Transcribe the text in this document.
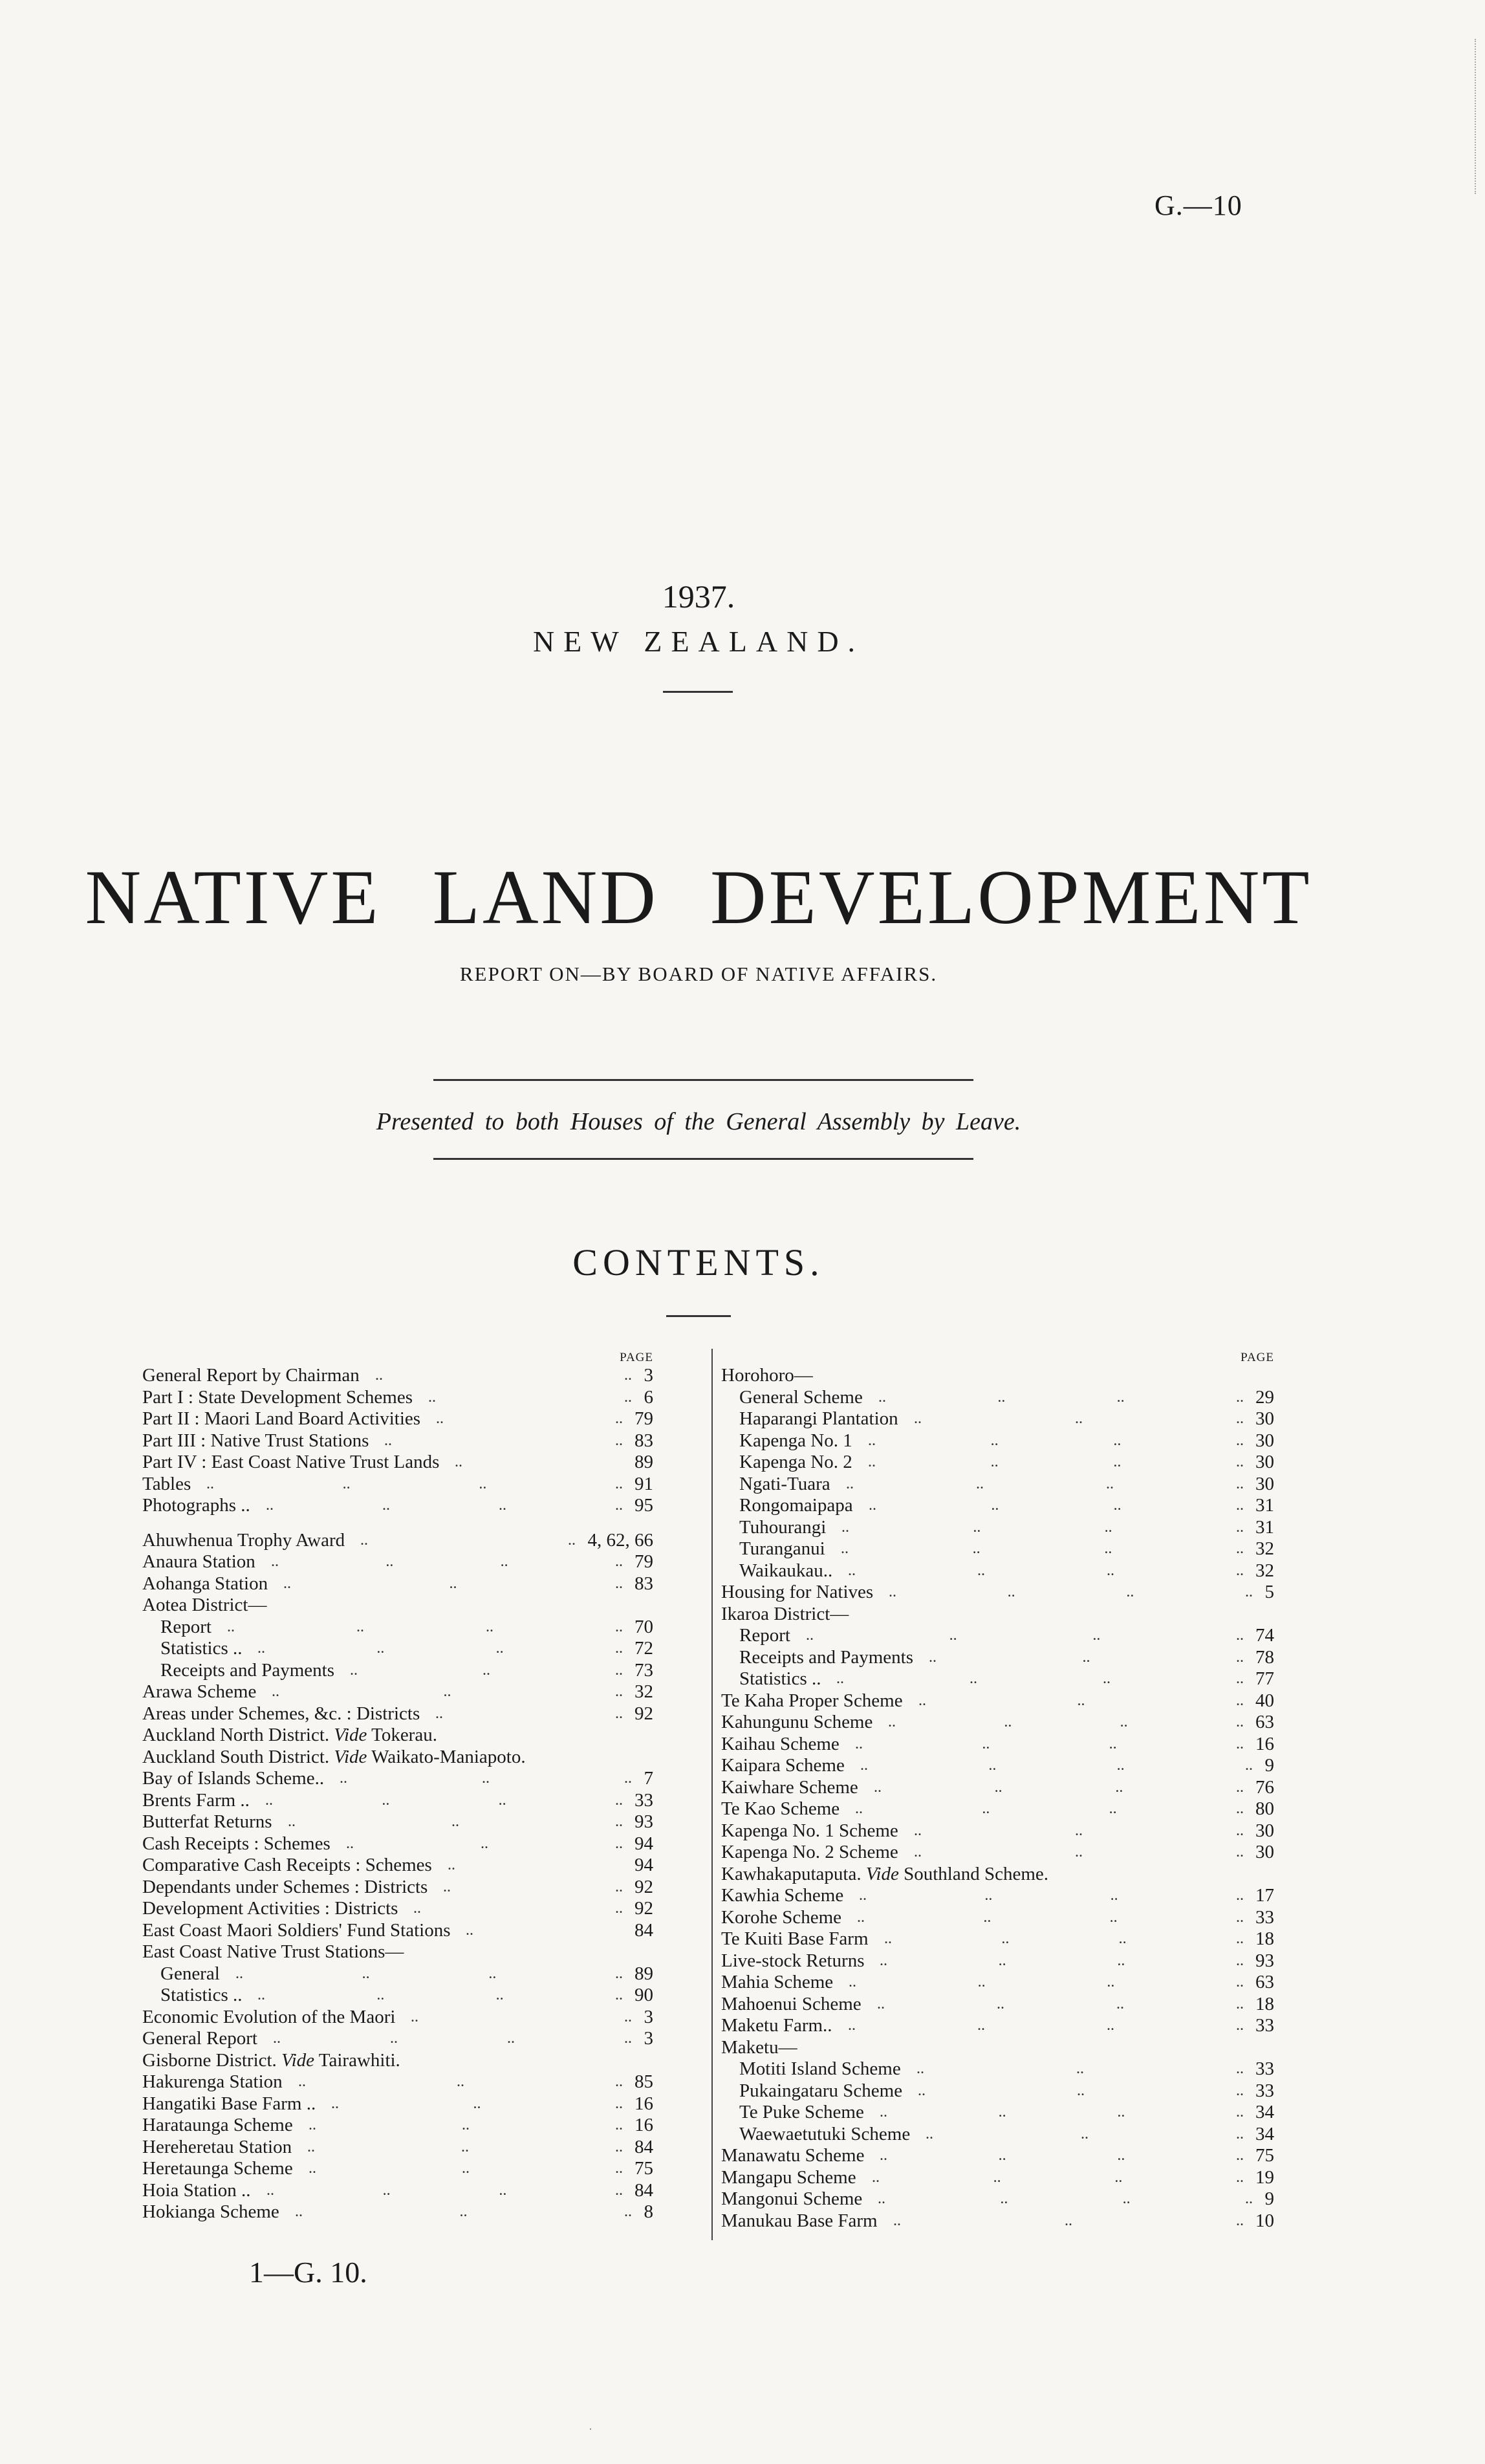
G.—10
1937.
NEW ZEALAND.
NATIVE LAND DEVELOPMENT
REPORT ON—BY BOARD OF NATIVE AFFAIRS.
Presented to both Houses of the General Assembly by Leave.
CONTENTS.
PAGE
General Report by Chairman	3
..	..
Part I : State Development Schemes	6
..	..
Part II : Maori Land Board Activities	79
..	..
Part III : Native Trust Stations	83
..	..
Part IV : East Coast Native Trust Lands	89
..
Tables	91
..	..	..	..
Photographs ..	95
..	..	..	..
Ahuwhenua Trophy Award	4, 62, 66
..	..
Anaura Station	79
..	..	..	..
Aohanga Station	83
..	..	..
Aotea District—
Report	70
..	..	..	..
Statistics ..	72
..	..	..	..
Receipts and Payments	73
..	..	..
Arawa Scheme	32
..	..	..
Areas under Schemes, &c. : Districts	92
..	..
Auckland North District. Vide Tokerau.
Auckland South District. Vide Waikato-Maniapoto.
Bay of Islands Scheme..	7
..	..	..
Brents Farm ..	33
..	..	..	..
Butterfat Returns	93
..	..	..
Cash Receipts : Schemes	94
..	..	..
Comparative Cash Receipts : Schemes	94
..
Dependants under Schemes : Districts	92
..	..
Development Activities : Districts	92
..	..
East Coast Maori Soldiers' Fund Stations	84
..
East Coast Native Trust Stations—
General	89
..	..	..	..
Statistics ..	90
..	..	..	..
Economic Evolution of the Maori	3
..	..
General Report	3
..	..	..	..
Gisborne District. Vide Tairawhiti.
Hakurenga Station	85
..	..	..
Hangatiki Base Farm ..	16
..	..	..
Harataunga Scheme	16
..	..	..
Hereheretau Station	84
..	..	..
Heretaunga Scheme	75
..	..	..
Hoia Station ..	84
..	..	..	..
Hokianga Scheme	8
..	..	..
PAGE
Horohoro—
General Scheme	29
..	..	..	..
Haparangi Plantation	30
..	..	..
Kapenga No. 1	30
..	..	..	..
Kapenga No. 2	30
..	..	..	..
Ngati-Tuara	30
..	..	..	..
Rongomaipapa	31
..	..	..	..
Tuhourangi	31
..	..	..	..
Turanganui	32
..	..	..	..
Waikaukau..	32
..	..	..	..
Housing for Natives	5
..	..	..	..
Ikaroa District—
Report	74
..	..	..	..
Receipts and Payments	78
..	..	..
Statistics ..	77
..	..	..	..
Te Kaha Proper Scheme	40
..	..	..
Kahungunu Scheme	63
..	..	..	..
Kaihau Scheme	16
..	..	..	..
Kaipara Scheme	9
..	..	..	..
Kaiwhare Scheme	76
..	..	..	..
Te Kao Scheme	80
..	..	..	..
Kapenga No. 1 Scheme	30
..	..	..
Kapenga No. 2 Scheme	30
..	..	..
Kawhakaputaputa. Vide Southland Scheme.
Kawhia Scheme	17
..	..	..	..
Korohe Scheme	33
..	..	..	..
Te Kuiti Base Farm	18
..	..	..	..
Live-stock Returns	93
..	..	..	..
Mahia Scheme	63
..	..	..	..
Mahoenui Scheme	18
..	..	..	..
Maketu Farm..	33
..	..	..	..
Maketu—
Motiti Island Scheme	33
..	..	..
Pukaingataru Scheme	33
..	..	..
Te Puke Scheme	34
..	..	..	..
Waewaetutuki Scheme	34
..	..	..
Manawatu Scheme	75
..	..	..	..
Mangapu Scheme	19
..	..	..	..
Mangonui Scheme	9
..	..	..	..
Manukau Base Farm	10
..	..	..
1—G. 10.
·
